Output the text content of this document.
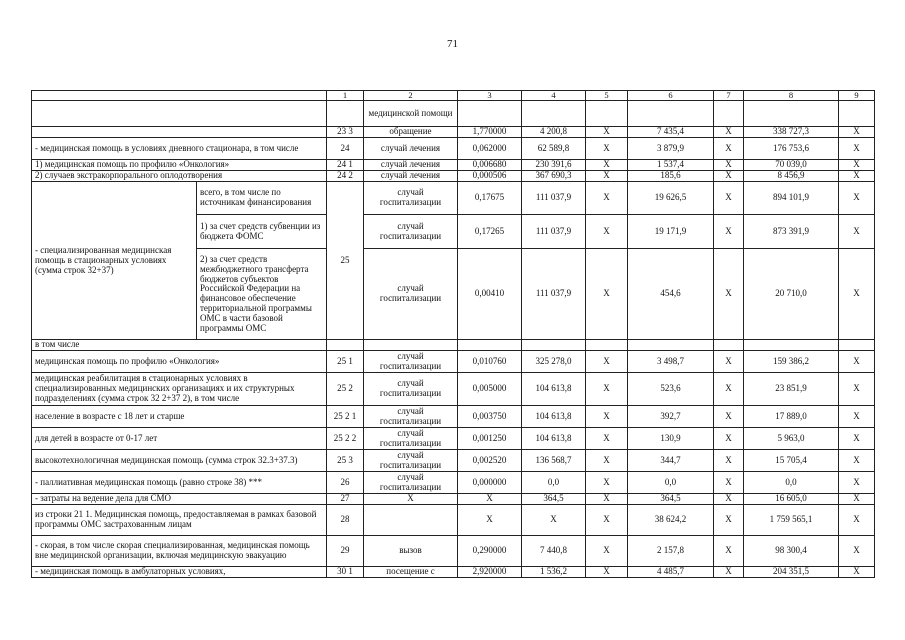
71
		1	2	3	4	5	6	7	8	9
			медицинской помощи							
		23 3	обращение	1,770000	4 200,8	X	7 435,4	X	338 727,3	X
- медицинская помощь в условиях дневного стационара, в том числе		24	случай лечения	0,062000	62 589,8	X	3 879,9	X	176 753,6	X
1) медицинская помощь по профилю «Онкология»		24 1	случай лечения	0,006680	230 391,6	X	1 537,4	X	70 039,0	X
2) случаев экстракорпорального оплодотворения		24 2	случай лечения	0,000506	367 690,3	X	185,6	X	8 456,9	X
- специализированная медицинская помощь в стационарных условиях (сумма строк 32+37)	всего, в том числе по источникам финансирования	25	случай госпитализации	0,17675	111 037,9	X	19 626,5	X	894 101,9	X
	1) за счет средств субвенции из бюджета ФОМС		случай госпитализации	0,17265	111 037,9	X	19 171,9	X	873 391,9	X
	2) за счет средств межбюджетного трансферта бюджетов субъектов Российской Федерации на финансовое обеспечение территориальной программы ОМС в части базовой программы ОМС		случай госпитализации	0,00410	111 037,9	X	454,6	X	20 710,0	X
в том числе										
медицинская помощь по профилю «Онкология»		25 1	случай госпитализации	0,010760	325 278,0	X	3 498,7	X	159 386,2	X
медицинская реабилитация в стационарных условиях в специализированных медицинских организациях и их структурных подразделениях (сумма строк 32 2+37 2), в том числе		25 2	случай госпитализации	0,005000	104 613,8	X	523,6	X	23 851,9	X
население в возрасте с 18 лет и старше		25 2 1	случай госпитализации	0,003750	104 613,8	X	392,7	X	17 889,0	X
для детей в возрасте от 0-17 лет		25 2 2	случай госпитализации	0,001250	104 613,8	X	130,9	X	5 963,0	X
высокотехнологичная медицинская помощь (сумма строк 32.3+37.3)		25 3	случай госпитализации	0,002520	136 568,7	X	344,7	X	15 705,4	X
- паллиативная медицинская помощь (равно строке 38) ***		26	случай госпитализации	0,000000	0,0	X	0,0	X	0,0	X
- затраты на ведение дела для СМО		27	X	X	364,5	X	364,5	X	16 605,0	X
из строки 21 1. Медицинская помощь, предоставляемая в рамках базовой программы ОМС застрахованным лицам		28		X	X	X	38 624,2	X	1 759 565,1	X
- скорая, в том числе скорая специализированная, медицинская помощь вне медицинской организации, включая медицинскую эвакуацию		29	вызов	0,290000	7 440,8	X	2 157,8	X	98 300,4	X
- медицинская помощь в амбулаторных условиях,		30 1	посещение с	2,920000	1 536,2	X	4 485,7	X	204 351,5	X
